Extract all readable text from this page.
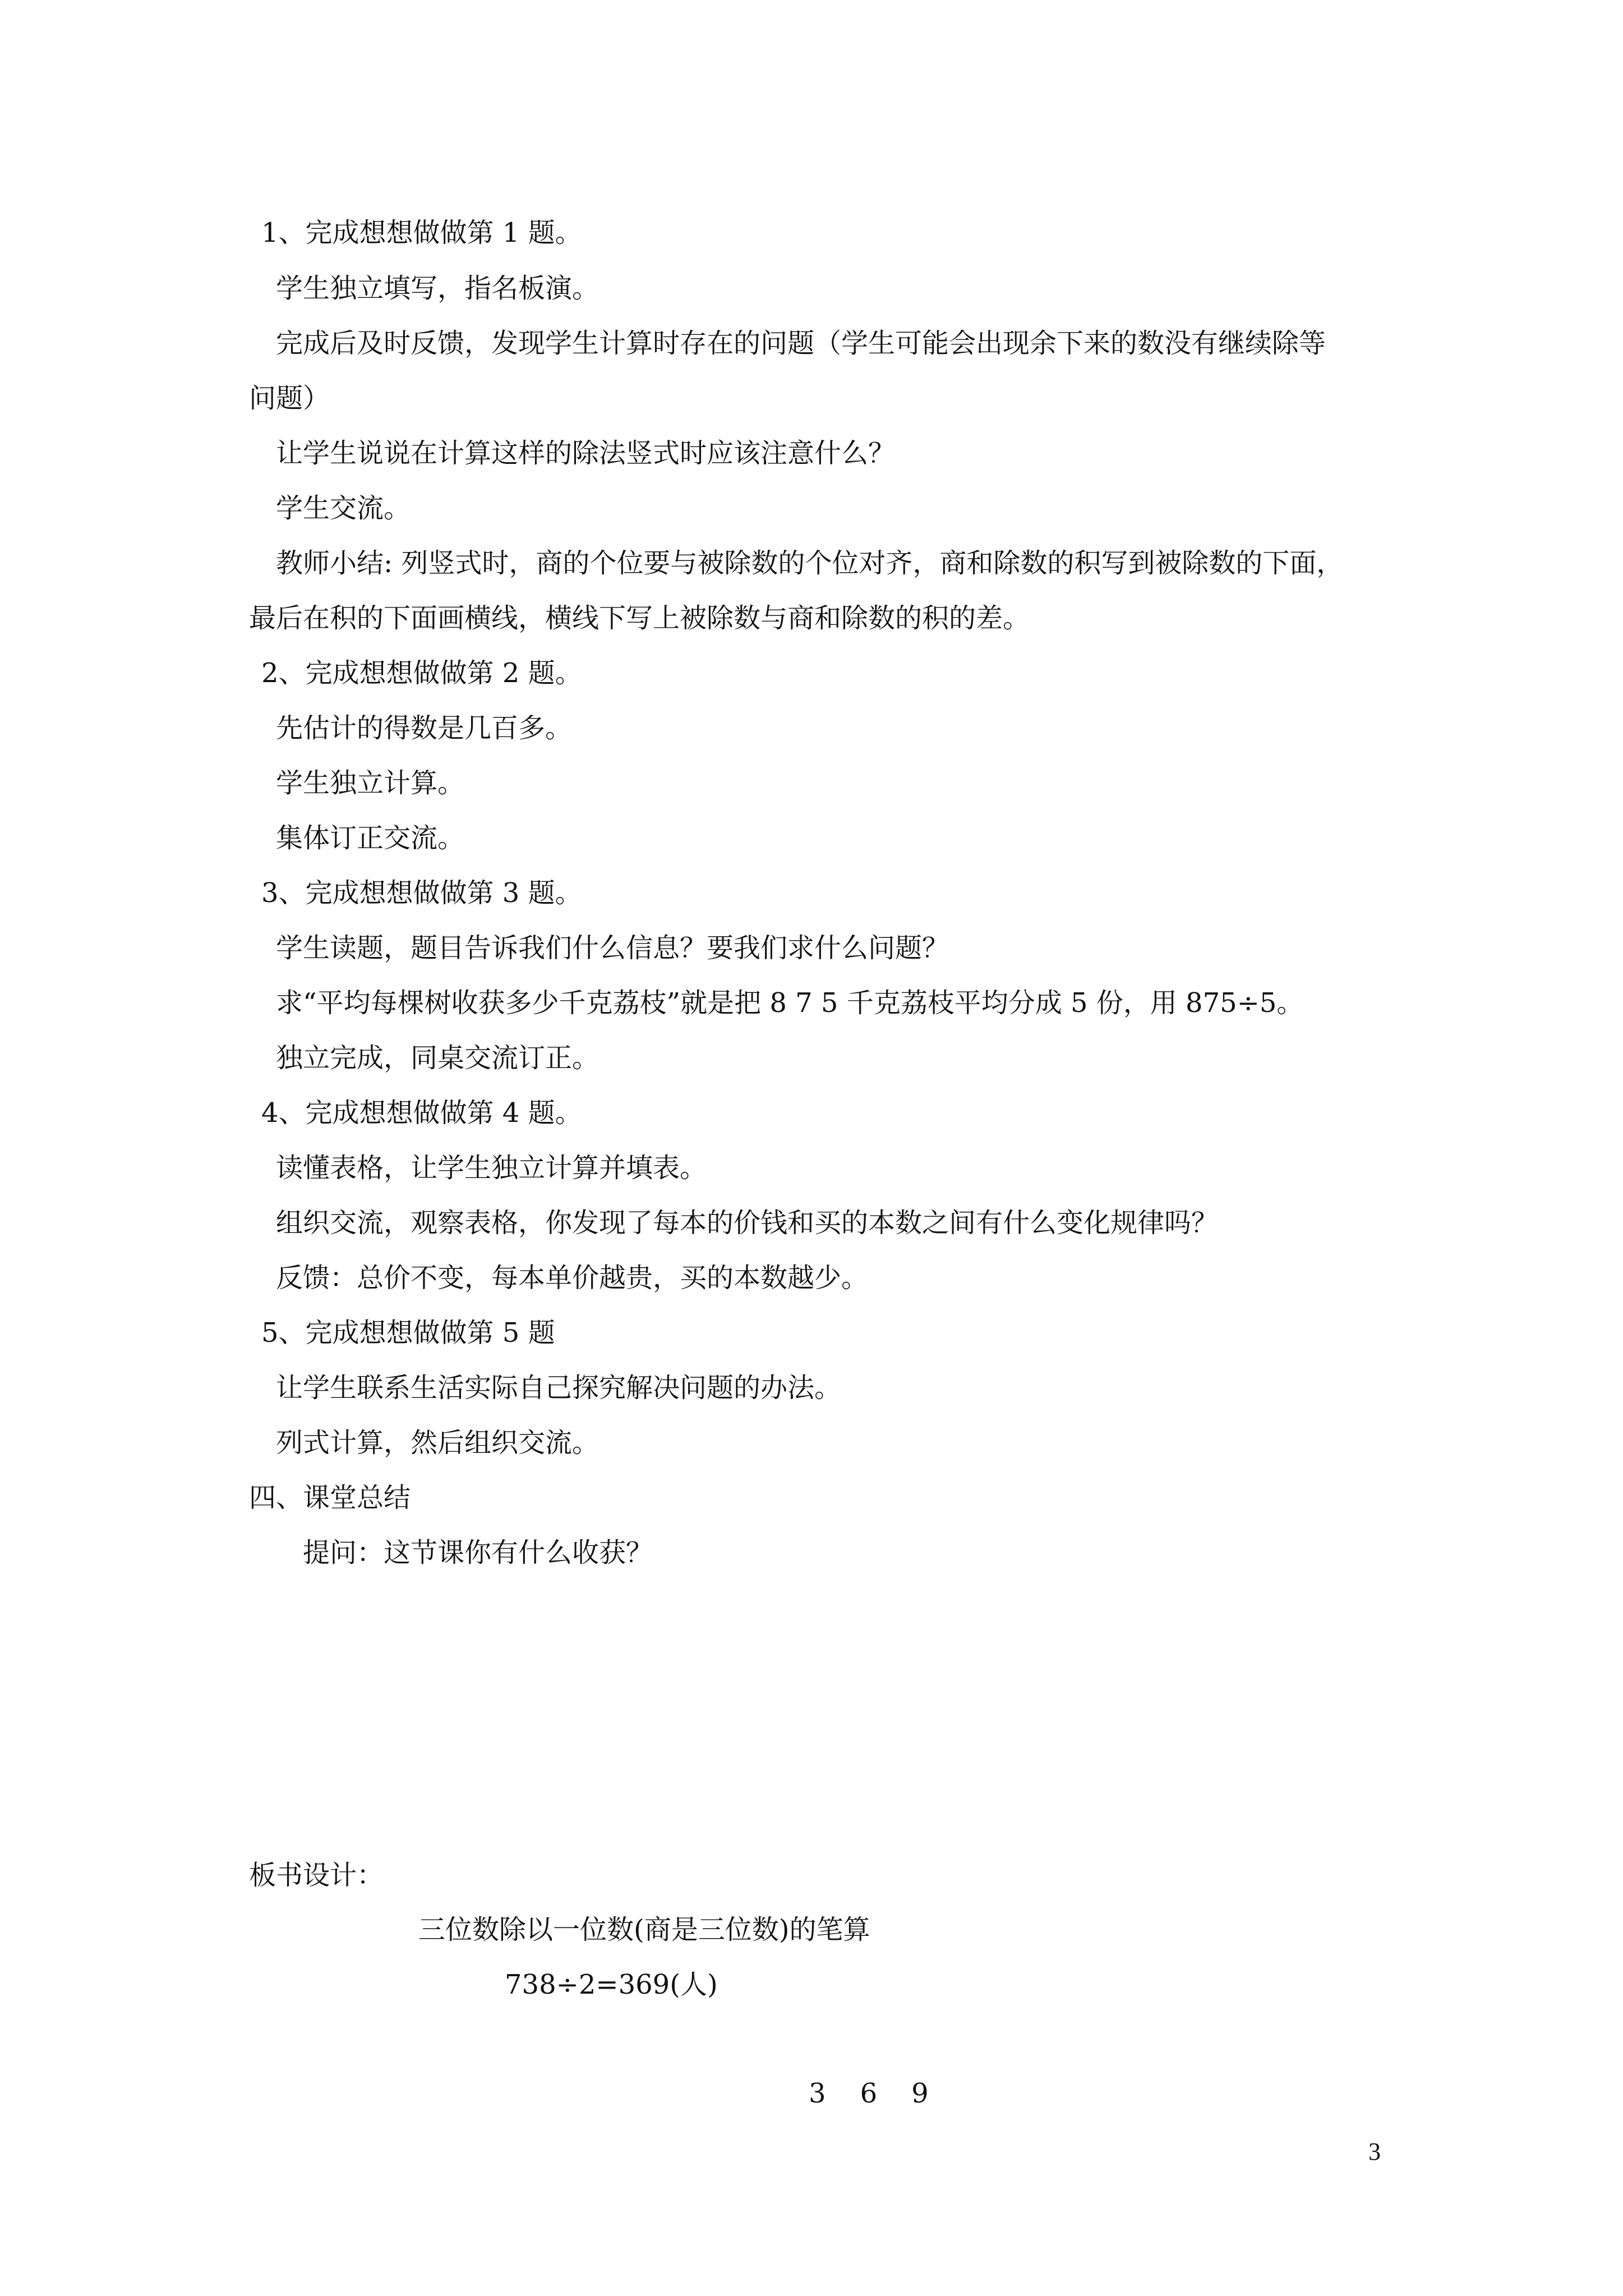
1、完成想想做做第 1 题。
学生独立填写，指名板演。
完成后及时反馈，发现学生计算时存在的问题（学生可能会出现余下来的数没有继续除等
问题）
让学生说说在计算这样的除法竖式时应该注意什么？
学生交流。
教师小结: 列竖式时，商的个位要与被除数的个位对齐，商和除数的积写到被除数的下面，
最后在积的下面画横线，横线下写上被除数与商和除数的积的差。
2、完成想想做做第 2 题。
先估计的得数是几百多。
学生独立计算。
集体订正交流。
3、完成想想做做第 3 题。
学生读题，题目告诉我们什么信息？要我们求什么问题？
求“平均每棵树收获多少千克荔枝”就是把 8 7 5 千克荔枝平均分成 5 份，用 875÷5。
独立完成，同桌交流订正。
4、完成想想做做第 4 题。
读懂表格，让学生独立计算并填表。
组织交流，观察表格，你发现了每本的价钱和买的本数之间有什么变化规律吗？
反馈：总价不变，每本单价越贵，买的本数越少。
5、完成想想做做第 5 题
让学生联系生活实际自己探究解决问题的办法。
列式计算，然后组织交流。
四、课堂总结
提问：这节课你有什么收获？
板书设计：
三位数除以一位数(商是三位数)的笔算
738÷2=369(人)
3    6    9
3
